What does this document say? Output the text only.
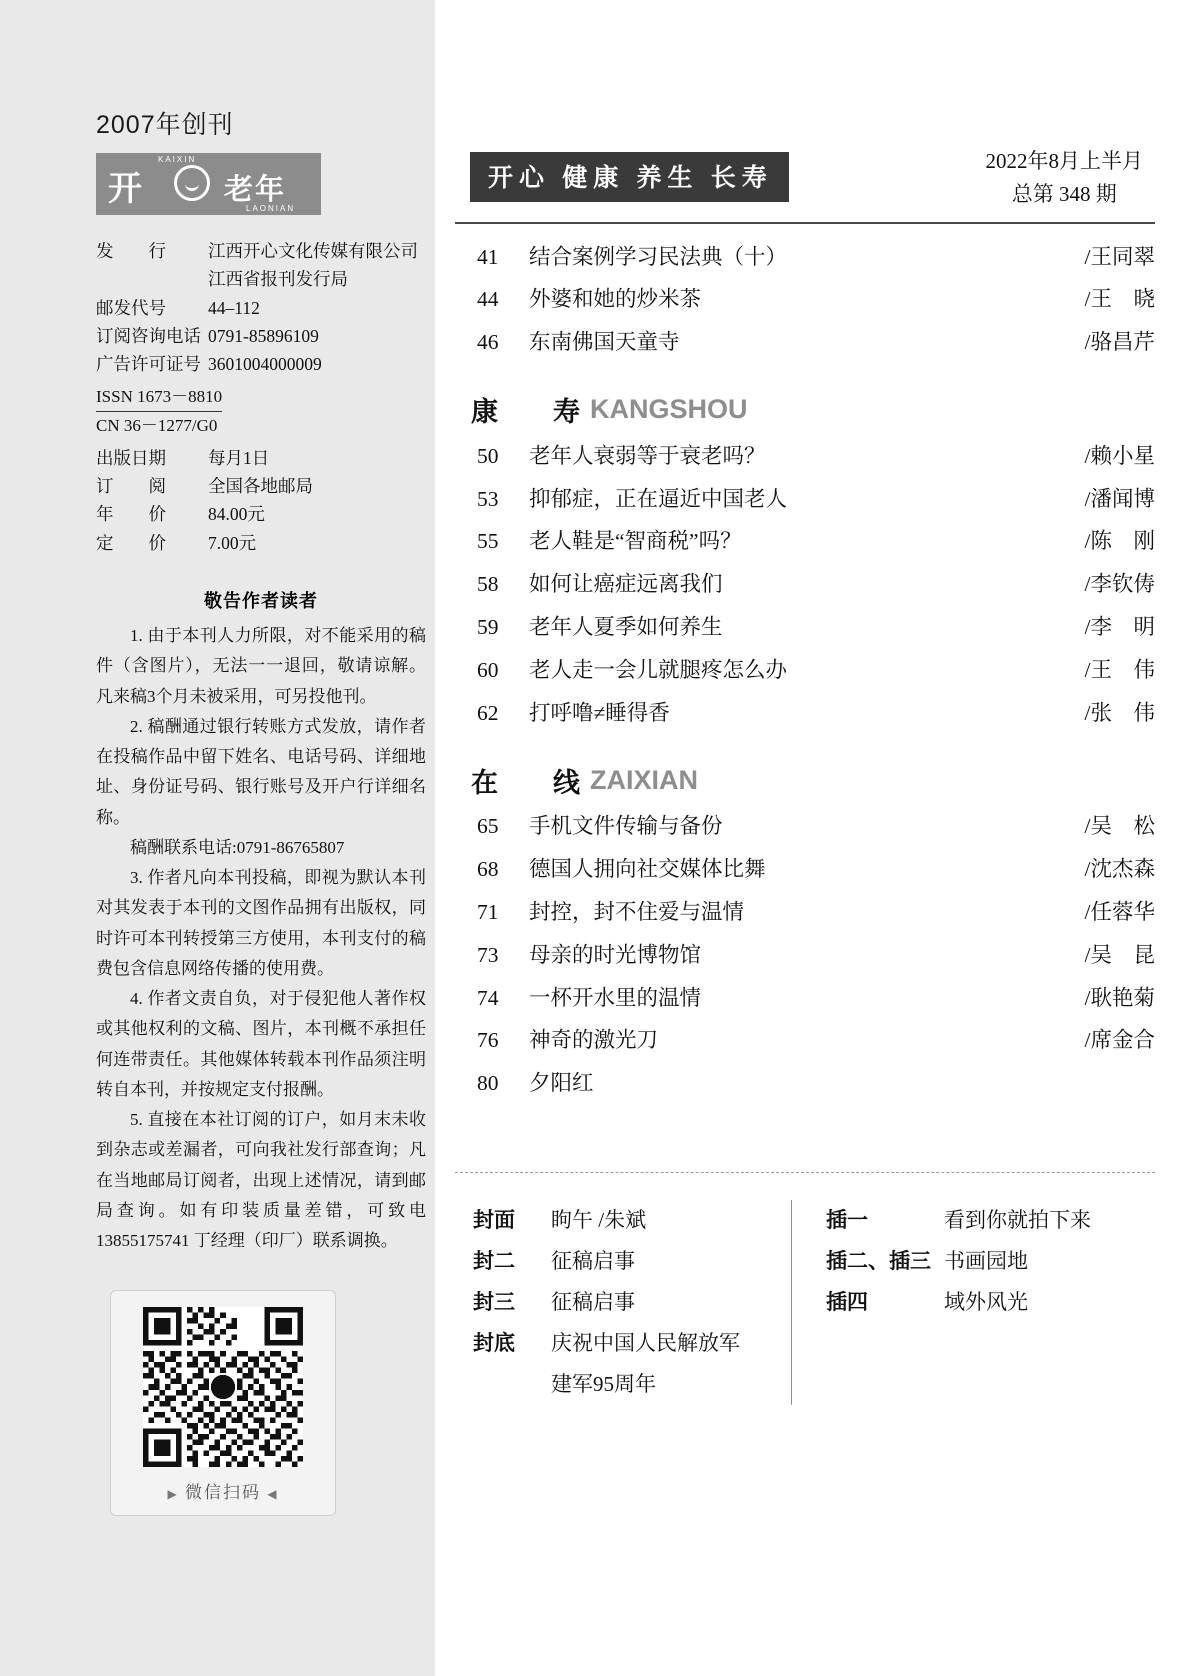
2007年创刊
KAIXIN
开	老年
LAONIAN
发　　行	江西开心文化传媒有限公司
江西省报刊发行局
邮发代号	44–112
订阅咨询电话 0791-85896109
广告许可证号 3601004000009
ISSN 1673－8810
CN 36－1277/G0
出版日期 每月1日
订　　阅	全国各地邮局
年　　价	84.00元
定　　价	7.00元
敬告作者读者

1. 由于本刊人力所限，对不能采用的稿件（含图片），无法一一退回，敬请谅解。凡来稿3个月未被采用，可另投他刊。

2. 稿酬通过银行转账方式发放，请作者在投稿作品中留下姓名、电话号码、详细地址、身份证号码、银行账号及开户行详细名称。

稿酬联系电话:0791-86765807

3. 作者凡向本刊投稿，即视为默认本刊对其发表于本刊的文图作品拥有出版权，同时许可本刊转授第三方使用，本刊支付的稿费包含信息网络传播的使用费。

4. 作者文责自负，对于侵犯他人著作权或其他权利的文稿、图片，本刊概不承担任何连带责任。其他媒体转载本刊作品须注明转自本刊，并按规定支付报酬。

5. 直接在本社订阅的订户，如月末未收到杂志或差漏者，可向我社发行部查询；凡在当地邮局订阅者，出现上述情况，请到邮局查询。如有印装质量差错，可致电13855175741 丁经理（印厂）联系调换。

▶ 微信扫码 ◀
开心 健康 养生 长寿
2022年8月上半月
总第 348 期
41	结合案例学习民法典（十）	/王同翠
44	外婆和她的炒米茶	/王　晓
46	东南佛国天童寺	/骆昌芹
康　寿
KANGSHOU
50	老年人衰弱等于衰老吗？	/赖小星
53	抑郁症，正在逼近中国老人	/潘闻博
55	老人鞋是“智商税”吗？	/陈　刚
58	如何让癌症远离我们	/李钦俦
59	老年人夏季如何养生	/李　明
60	老人走一会儿就腿疼怎么办	/王　伟
62	打呼噜≠睡得香	/张　伟
在　线
ZAIXIAN
65	手机文件传输与备份	/吴　松
68	德国人拥向社交媒体比舞	/沈杰森
71	封控，封不住爱与温情	/任蓉华
73	母亲的时光博物馆	/吴　昆
74	一杯开水里的温情	/耿艳菊
76	神奇的激光刀	/席金合
80	夕阳红
封面 眗午 /朱斌
封二 征稿启事
封三 征稿启事
封底 庆祝中国人民解放军
建军95周年
插一	看到你就拍下来
插二、插三 书画园地
插四	域外风光
